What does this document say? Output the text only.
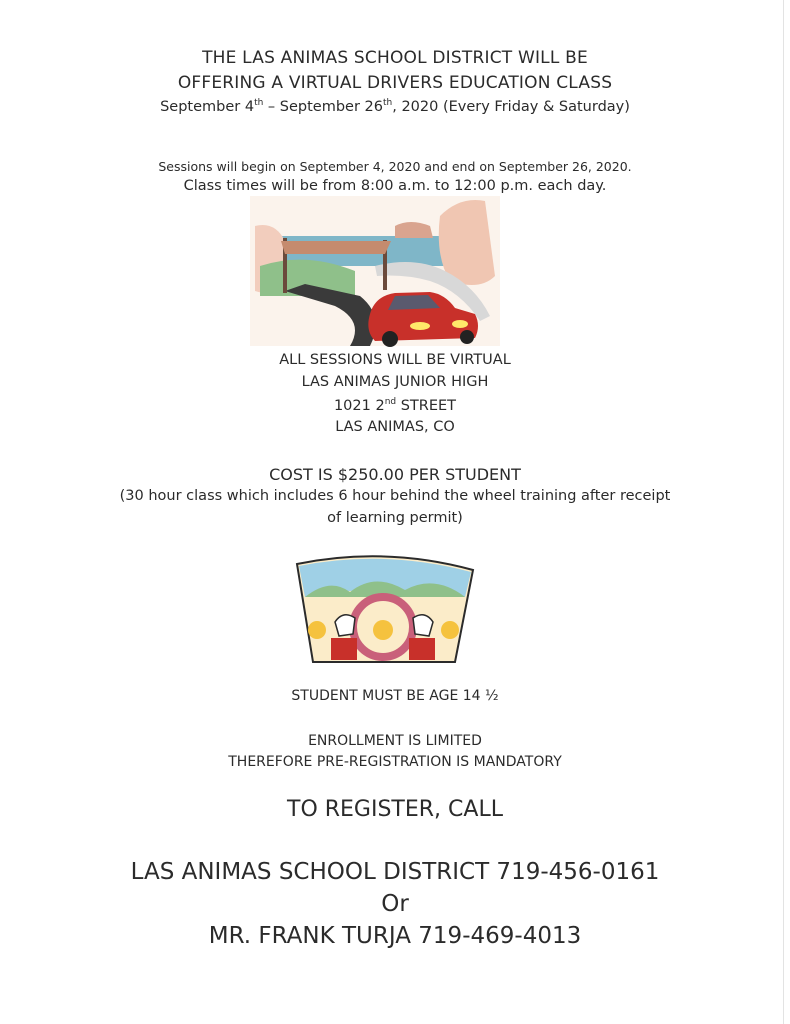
THE LAS ANIMAS SCHOOL DISTRICT WILL BE
OFFERING A VIRTUAL DRIVERS EDUCATION CLASS
September 4th – September 26th, 2020 (Every Friday & Saturday)
Sessions will begin on September 4, 2020 and end on September 26, 2020.
Class times will be from 8:00 a.m. to 12:00 p.m. each day.
ALL SESSIONS WILL BE VIRTUAL
LAS ANIMAS JUNIOR HIGH
1021 2nd STREET
LAS ANIMAS, CO
COST IS $250.00 PER STUDENT
(30 hour class which includes 6 hour behind the wheel training after receipt
of learning permit)
STUDENT MUST BE AGE 14 ½
ENROLLMENT IS LIMITED
THEREFORE PRE-REGISTRATION IS MANDATORY
TO REGISTER, CALL
LAS ANIMAS SCHOOL DISTRICT 719-456-0161
Or
MR. FRANK TURJA 719-469-4013
